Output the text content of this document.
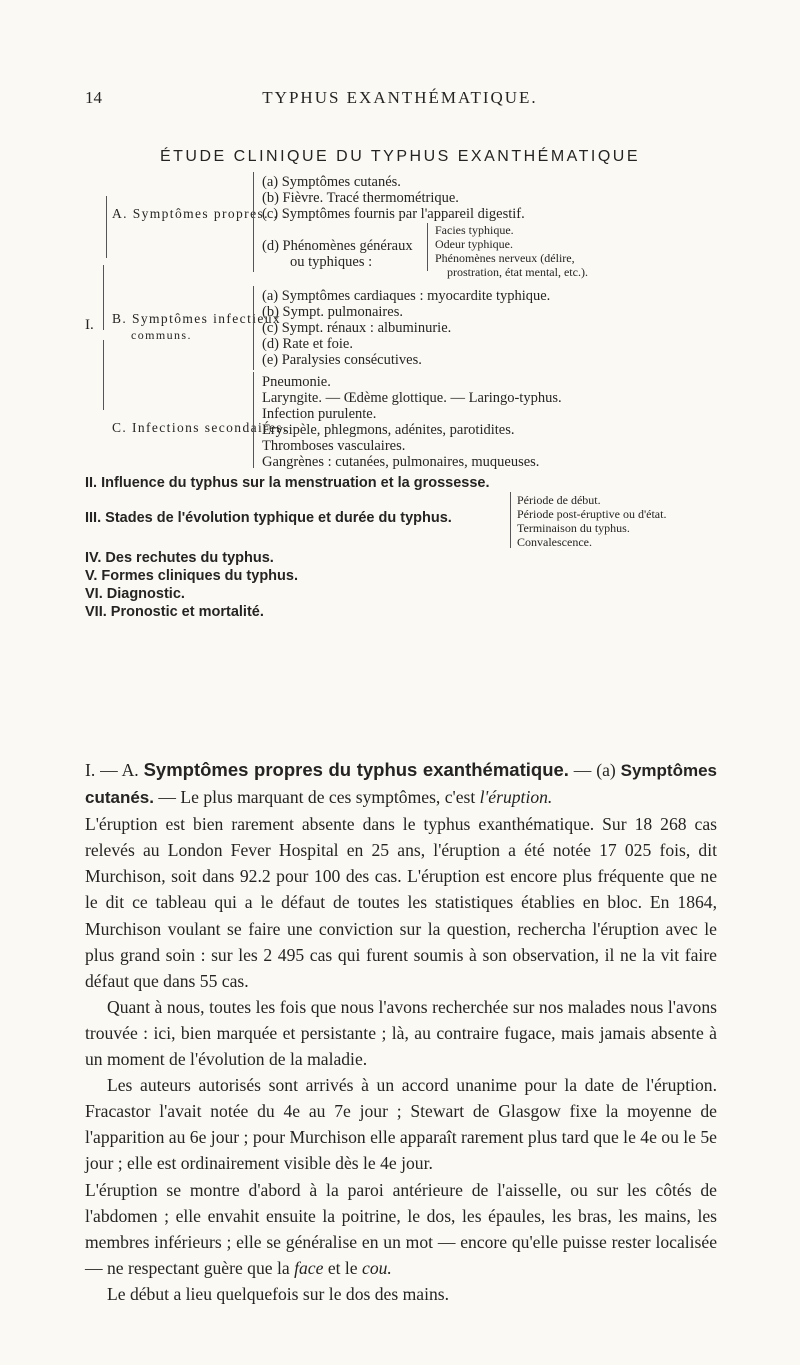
14	TYPHUS EXANTHÉMATIQUE.
ÉTUDE CLINIQUE DU TYPHUS EXANTHÉMATIQUE
I.
A. Symptômes propres. . .
(a) Symptômes cutanés.
(b) Fièvre. Tracé thermométrique.
(c) Symptômes fournis par l'appareil digestif.
(d) Phénomènes généraux
ou typhiques :
Facies typhique.
Odeur typhique.
Phénomènes nerveux (délire,
prostration, état mental, etc.).
B. Symptômes infectieux
communs.
(a) Symptômes cardiaques : myocardite typhique.
(b) Sympt. pulmonaires.
(c) Sympt. rénaux : albuminurie.
(d) Rate et foie.
(e) Paralysies consécutives.
C. Infections secondaires.
Pneumonie.
Laryngite. — Œdème glottique. — Laringo-typhus.
Infection purulente.
Érysipèle, phlegmons, adénites, parotidites.
Thromboses vasculaires.
Gangrènes : cutanées, pulmonaires, muqueuses.
II. Influence du typhus sur la menstruation et la grossesse.
III. Stades de l'évolution typhique et durée du typhus.
Période de début.
Période post-éruptive ou d'état.
Terminaison du typhus.
Convalescence.
IV. Des rechutes du typhus.
V. Formes cliniques du typhus.
VI. Diagnostic.
VII. Pronostic et mortalité.

I. — A. Symptômes propres du typhus exanthématique. — (a) Symptômes cutanés. — Le plus marquant de ces symptômes, c'est l'éruption.

L'éruption est bien rarement absente dans le typhus exanthématique. Sur 18 268 cas relevés au London Fever Hospital en 25 ans, l'éruption a été notée 17 025 fois, dit Murchison, soit dans 92.2 pour 100 des cas. L'éruption est encore plus fréquente que ne le dit ce tableau qui a le défaut de toutes les statistiques établies en bloc. En 1864, Murchison voulant se faire une conviction sur la question, rechercha l'éruption avec le plus grand soin : sur les 2 495 cas qui furent soumis à son observation, il ne la vit faire défaut que dans 55 cas.

Quant à nous, toutes les fois que nous l'avons recherchée sur nos malades nous l'avons trouvée : ici, bien marquée et persistante ; là, au contraire fugace, mais jamais absente à un moment de l'évolution de la maladie.

Les auteurs autorisés sont arrivés à un accord unanime pour la date de l'éruption. Fracastor l'avait notée du 4e au 7e jour ; Stewart de Glasgow fixe la moyenne de l'apparition au 6e jour ; pour Murchison elle apparaît rarement plus tard que le 4e ou le 5e jour ; elle est ordinairement visible dès le 4e jour.

L'éruption se montre d'abord à la paroi antérieure de l'aisselle, ou sur les côtés de l'abdomen ; elle envahit ensuite la poitrine, le dos, les épaules, les bras, les mains, les membres inférieurs ; elle se généralise en un mot — encore qu'elle puisse rester localisée — ne respectant guère que la face et le cou.

Le début a lieu quelquefois sur le dos des mains.
